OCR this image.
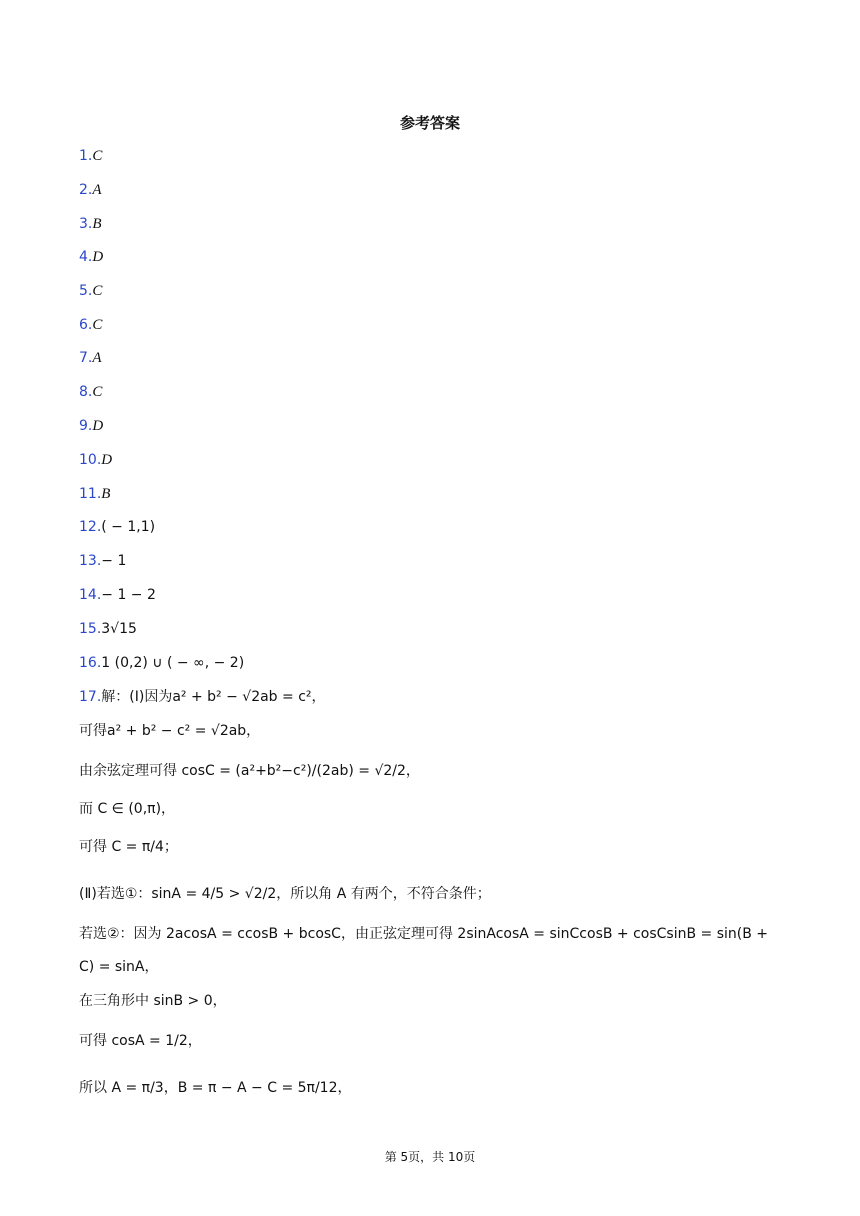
参考答案
1.C
2.A
3.B
4.D
5.C
6.C
7.A
8.C
9.D
10.D
11.B
12.( − 1,1)
13.− 1
14.− 1 − 2
15.3√15
16.1 (0,2) ∪ ( − ∞, − 2)
17.解：(Ⅰ)因为a² + b² − √2ab = c²，
可得a² + b² − c² = √2ab，
由余弦定理可得 cosC = (a²+b²−c²)/(2ab) = √2/2，
而 C ∈ (0,π)，
可得 C = π/4；
(Ⅱ)若选①：sinA = 4/5 > √2/2，所以角 A 有两个，不符合条件；
若选②：因为 2acosA = ccosB + bcosC，由正弦定理可得 2sinAcosA = sinCcosB + cosCsinB = sin(B +
C) = sinA，
在三角形中 sinB > 0，
可得 cosA = 1/2，
所以 A = π/3，B = π − A − C = 5π/12，
第 5页，共 10页
